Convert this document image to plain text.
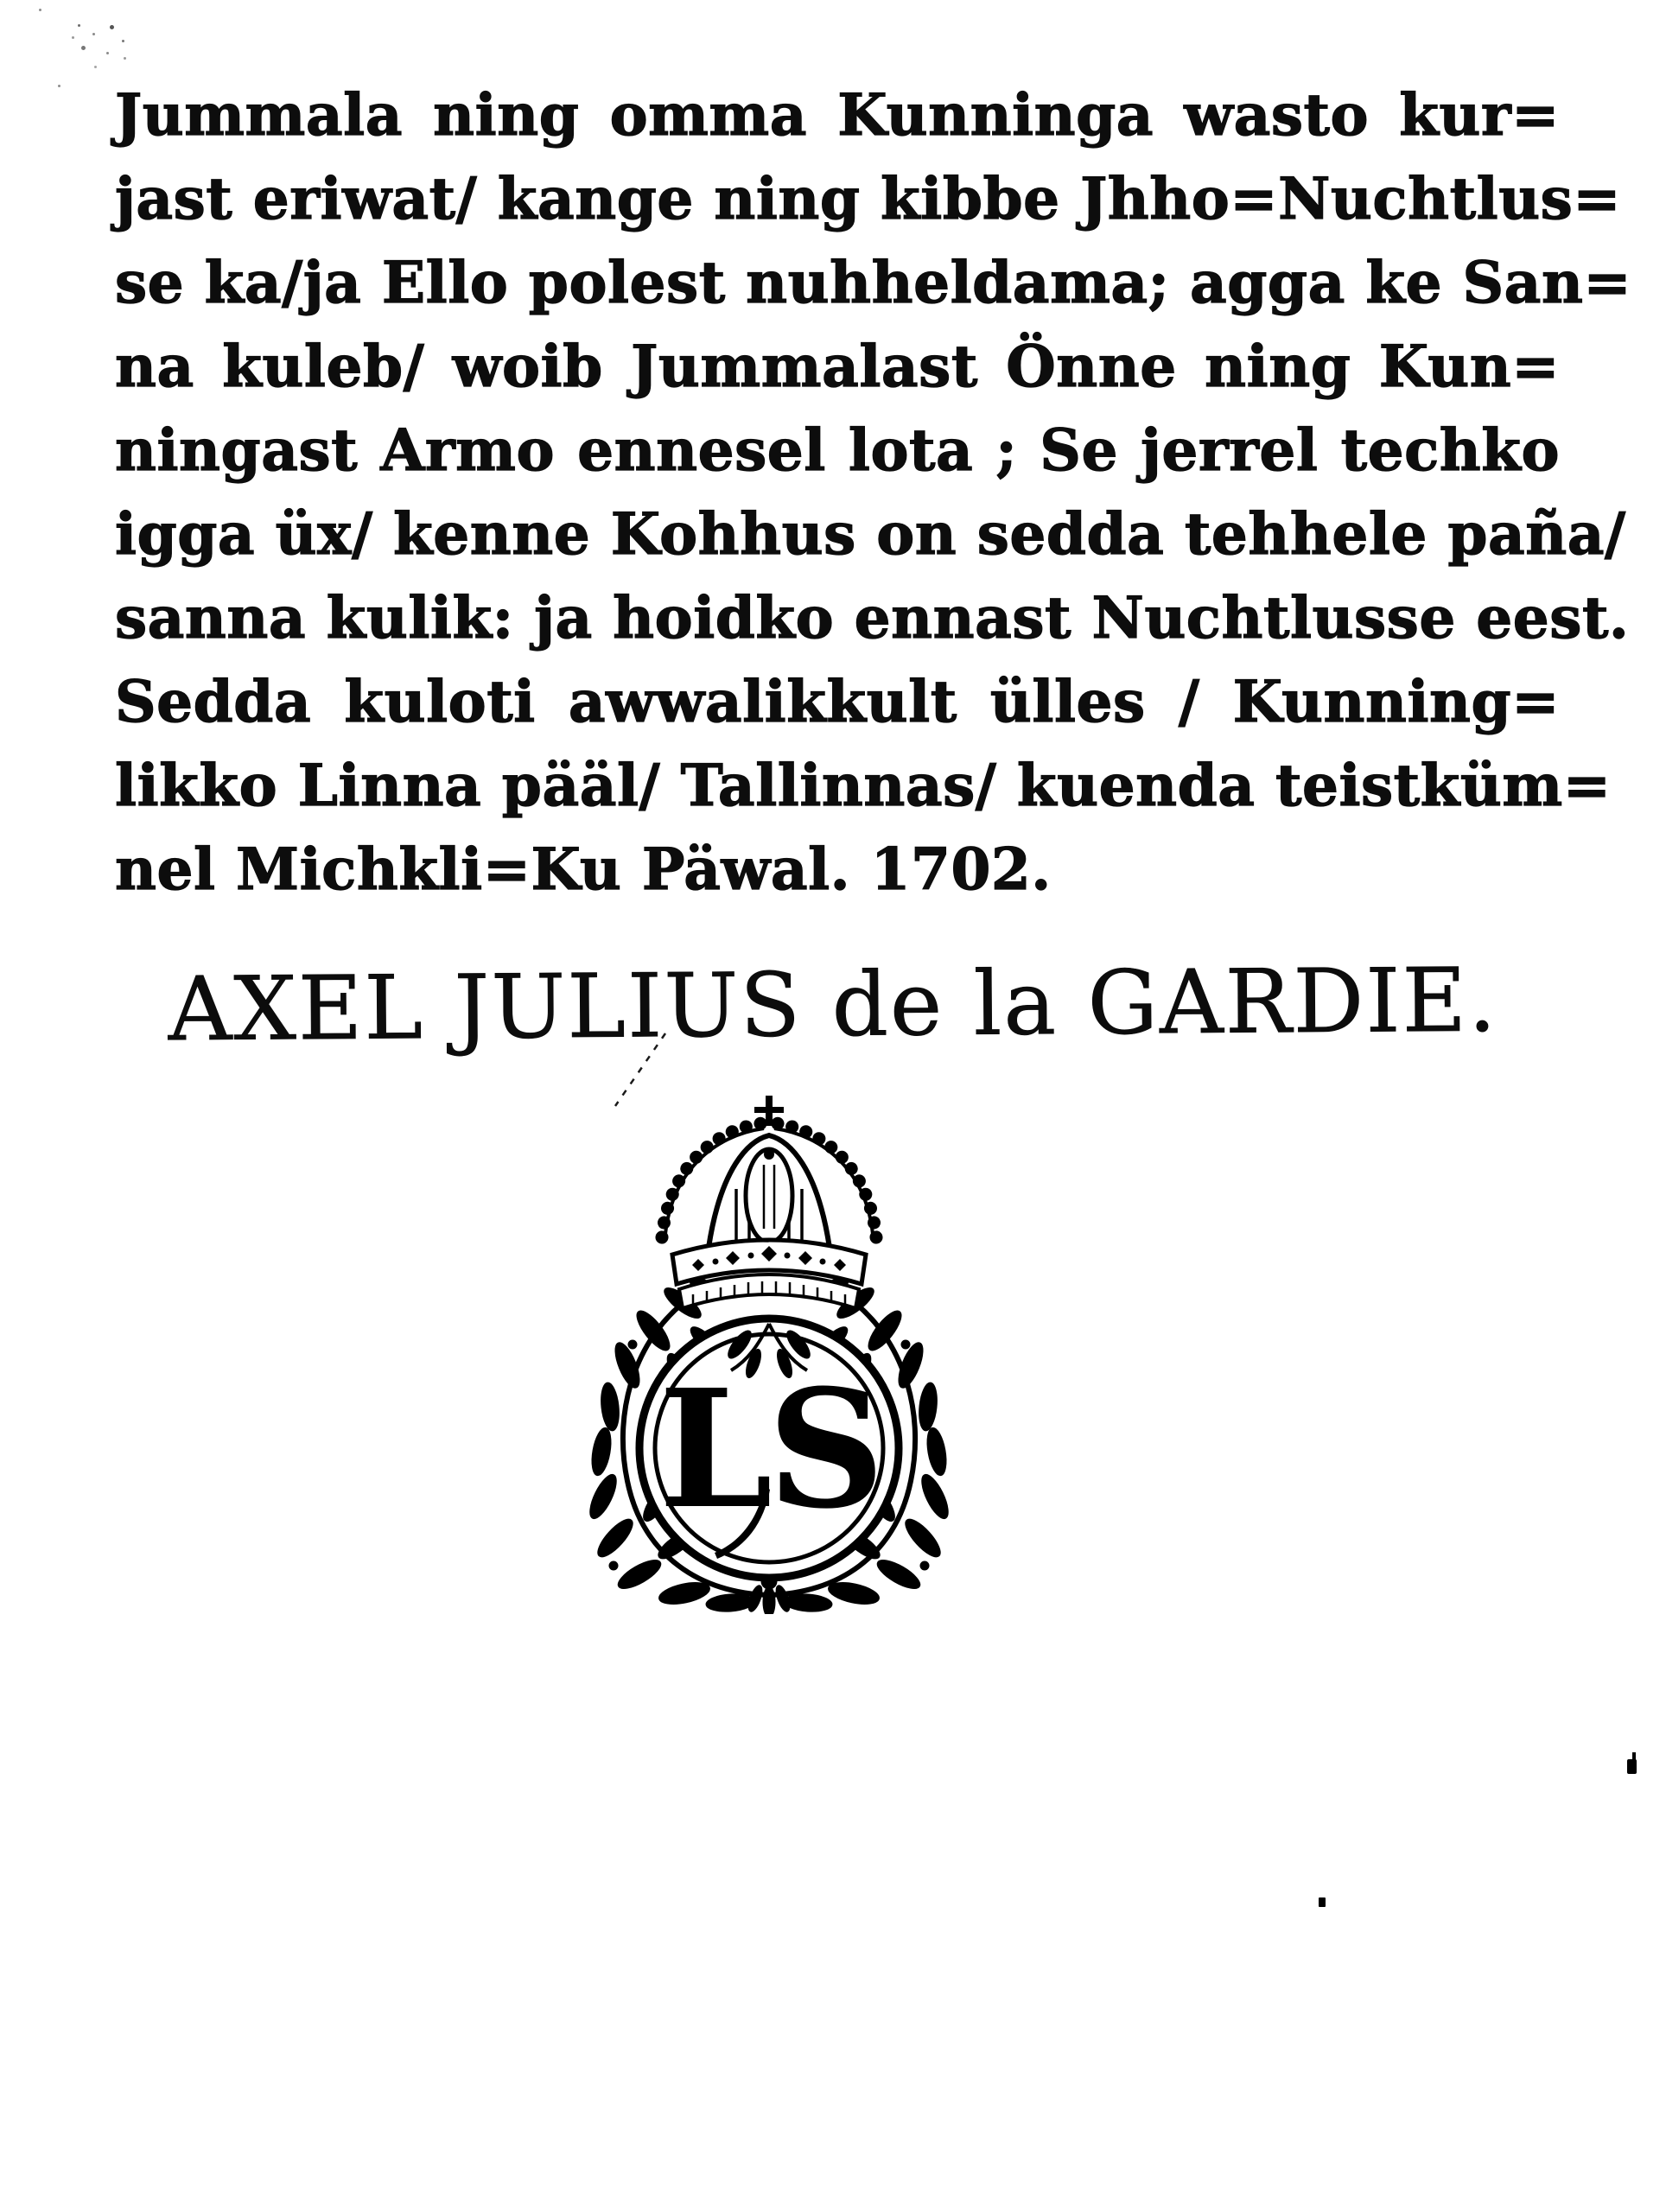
Jummala ning omma Kunninga wasto kur=

jast eriwat/ kange ning kibbe Jhho=Nuchtlus=

se ka/ja Ello polest nuhheldama; agga ke San=

na kuleb/ woib Jummalast Önne ning Kun=

ningast Armo ennesel lota ; Se jerrel techko

igga üx/ kenne Kohhus on sedda tehhele paña/

sanna kulik: ja hoidko ennast Nuchtlusse eest.

Sedda kuloti awwalikkult ülles / Kunning=

likko Linna pääl/ Tallinnas/ kuenda teistküm=

nel Michkli=Ku Päwal. 1702.

AXEL JULIUS de la GARDIE.
LS
